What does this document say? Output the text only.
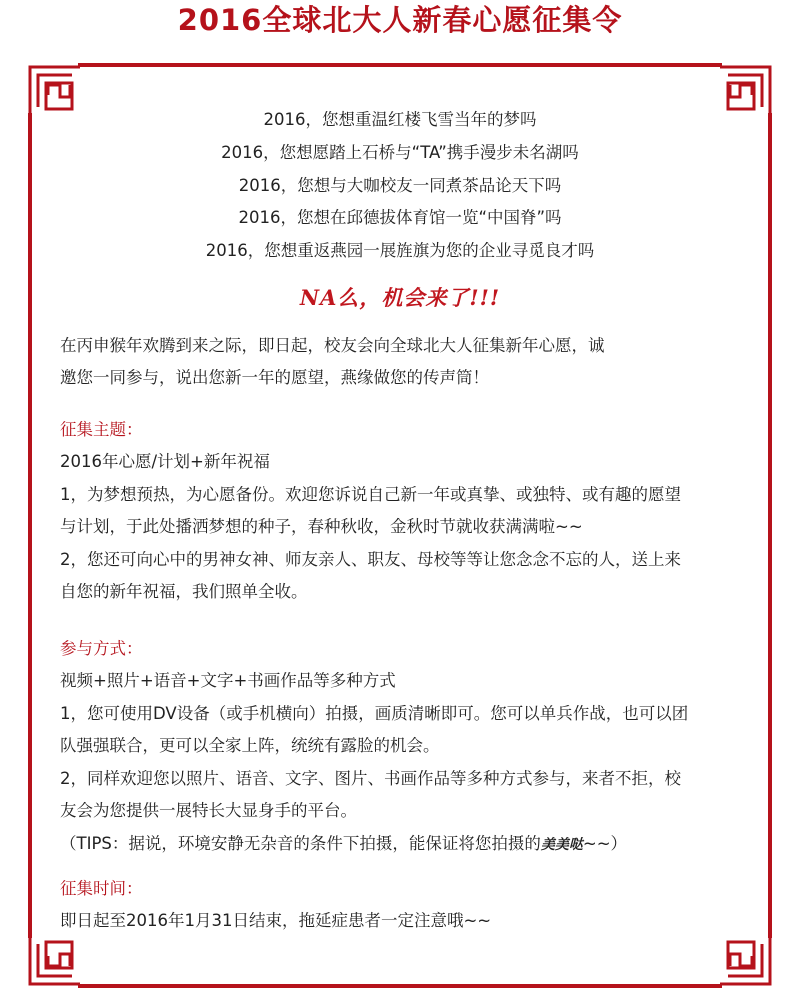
2016全球北大人新春心愿征集令
2016，您想重温红楼飞雪当年的梦吗
2016，您想愿踏上石桥与“TA”携手漫步未名湖吗
2016，您想与大咖校友一同煮茶品论天下吗
2016，您想在邱德拔体育馆一览“中国脊”吗
2016，您想重返燕园一展旌旗为您的企业寻觅良才吗
NA么，机会来了!!!
在丙申猴年欢腾到来之际，即日起，校友会向全球北大人征集新年心愿，诚
邀您一同参与，说出您新一年的愿望，燕缘做您的传声筒！
征集主题：
2016年心愿/计划+新年祝福
1，为梦想预热，为心愿备份。欢迎您诉说自己新一年或真挚、或独特、或有趣的愿望
与计划，于此处播洒梦想的种子，春种秋收，金秋时节就收获满满啦~~
2，您还可向心中的男神女神、师友亲人、职友、母校等等让您念念不忘的人，送上来
自您的新年祝福，我们照单全收。
参与方式：
视频+照片+语音+文字+书画作品等多种方式
1，您可使用DV设备（或手机横向）拍摄，画质清晰即可。您可以单兵作战，也可以团
队强强联合，更可以全家上阵，统统有露脸的机会。
2，同样欢迎您以照片、语音、文字、图片、书画作品等多种方式参与，来者不拒，校
友会为您提供一展特长大显身手的平台。
（TIPS：据说，环境安静无杂音的条件下拍摄，能保证将您拍摄的美美哒~~）
征集时间：
即日起至2016年1月31日结束，拖延症患者一定注意哦~~
